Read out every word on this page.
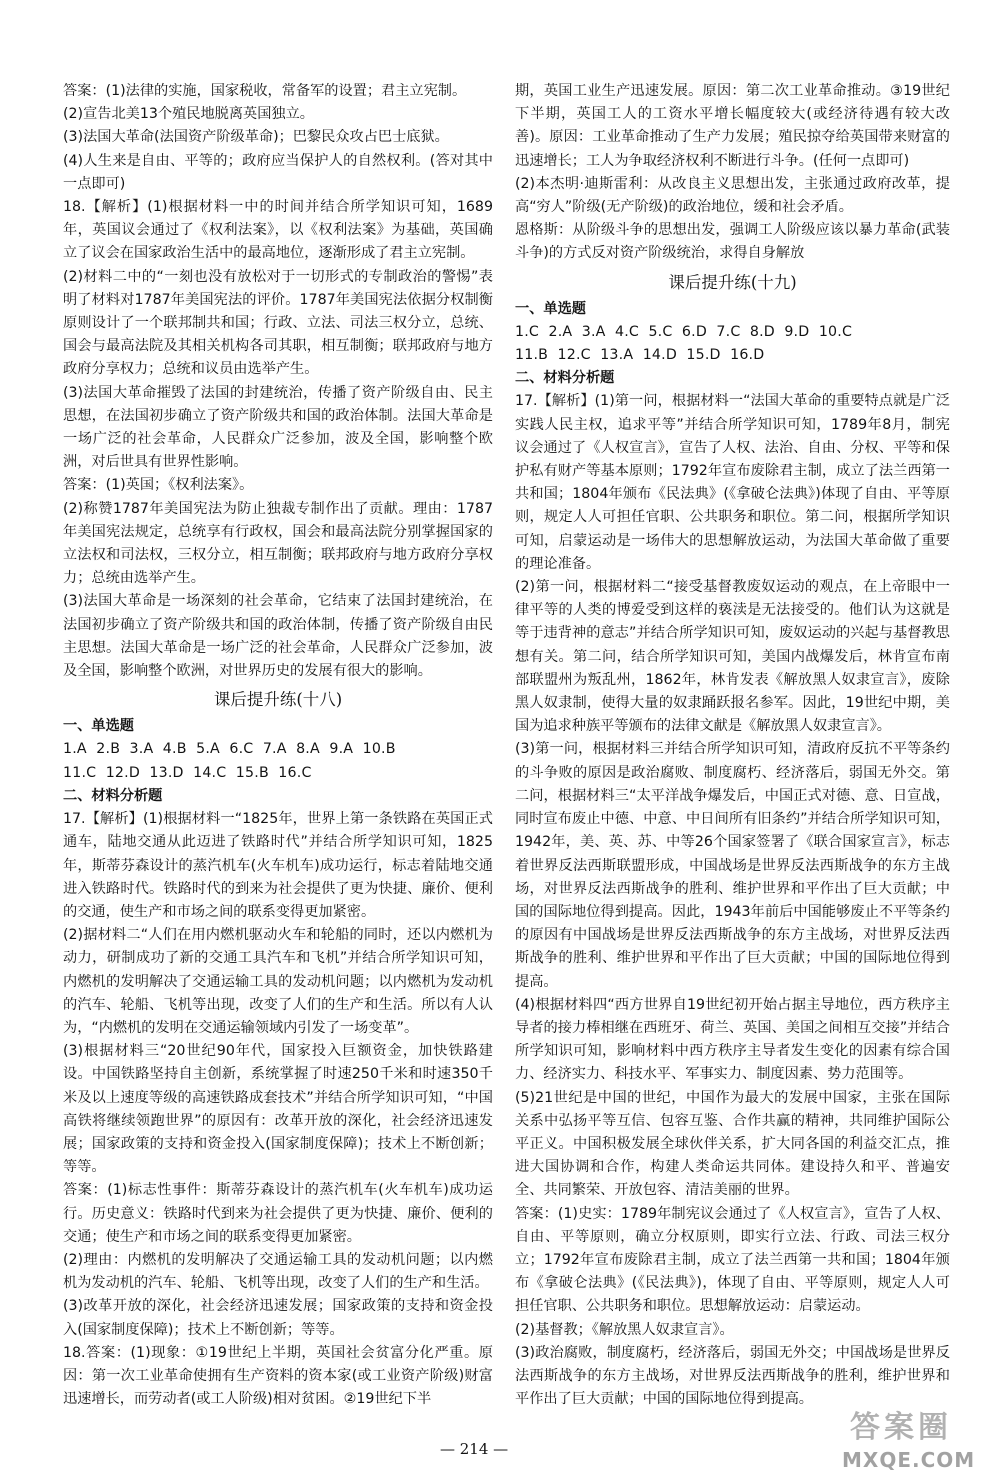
答案：(1)法律的实施，国家税收，常备军的设置；君主立宪制。

(2)宣告北美13个殖民地脱离英国独立。

(3)法国大革命(法国资产阶级革命)；巴黎民众攻占巴士底狱。

(4)人生来是自由、平等的；政府应当保护人的自然权利。(答对其中一点即可)

18.【解析】(1)根据材料一中的时间并结合所学知识可知，1689年，英国议会通过了《权利法案》，以《权利法案》为基础，英国确立了议会在国家政治生活中的最高地位，逐渐形成了君主立宪制。

(2)材料二中的“一刻也没有放松对于一切形式的专制政治的警惕”表明了材料对1787年美国宪法的评价。1787年美国宪法依据分权制衡原则设计了一个联邦制共和国；行政、立法、司法三权分立，总统、国会与最高法院及其相关机构各司其职，相互制衡；联邦政府与地方政府分享权力；总统和议员由选举产生。

(3)法国大革命摧毁了法国的封建统治，传播了资产阶级自由、民主思想，在法国初步确立了资产阶级共和国的政治体制。法国大革命是一场广泛的社会革命，人民群众广泛参加，波及全国，影响整个欧洲，对后世具有世界性影响。

答案：(1)英国；《权利法案》。

(2)称赞1787年美国宪法为防止独裁专制作出了贡献。理由：1787年美国宪法规定，总统享有行政权，国会和最高法院分别掌握国家的立法权和司法权，三权分立，相互制衡；联邦政府与地方政府分享权力；总统由选举产生。

(3)法国大革命是一场深刻的社会革命，它结束了法国封建统治，在法国初步确立了资产阶级共和国的政治体制，传播了资产阶级自由民主思想。法国大革命是一场广泛的社会革命，人民群众广泛参加，波及全国，影响整个欧洲，对世界历史的发展有很大的影响。

课后提升练(十八)

一、单选题

1.A  2.B  3.A  4.B  5.A  6.C  7.A  8.A  9.A  10.B

11.C  12.D  13.D  14.C  15.B  16.C

二、材料分析题

17.【解析】(1)根据材料一“1825年，世界上第一条铁路在英国正式通车，陆地交通从此迈进了铁路时代”并结合所学知识可知，1825年，斯蒂芬森设计的蒸汽机车(火车机车)成功运行，标志着陆地交通进入铁路时代。铁路时代的到来为社会提供了更为快捷、廉价、便利的交通，使生产和市场之间的联系变得更加紧密。

(2)据材料二“人们在用内燃机驱动火车和轮船的同时，还以内燃机为动力，研制成功了新的交通工具汽车和飞机”并结合所学知识可知，内燃机的发明解决了交通运输工具的发动机问题；以内燃机为发动机的汽车、轮船、飞机等出现，改变了人们的生产和生活。所以有人认为，“内燃机的发明在交通运输领域内引发了一场变革”。

(3)根据材料三“20世纪90年代，国家投入巨额资金，加快铁路建设。中国铁路坚持自主创新，系统掌握了时速250千米和时速350千米及以上速度等级的高速铁路成套技术”并结合所学知识可知，“中国高铁将继续领跑世界”的原因有：改革开放的深化，社会经济迅速发展；国家政策的支持和资金投入(国家制度保障)；技术上不断创新；等等。

答案：(1)标志性事件：斯蒂芬森设计的蒸汽机车(火车机车)成功运行。历史意义：铁路时代到来为社会提供了更为快捷、廉价、便利的交通；使生产和市场之间的联系变得更加紧密。

(2)理由：内燃机的发明解决了交通运输工具的发动机问题；以内燃机为发动机的汽车、轮船、飞机等出现，改变了人们的生产和生活。

(3)改革开放的深化，社会经济迅速发展；国家政策的支持和资金投入(国家制度保障)；技术上不断创新；等等。

18.答案：(1)现象：①19世纪上半期，英国社会贫富分化严重。原因：第一次工业革命使拥有生产资料的资本家(或工业资产阶级)财富迅速增长，而劳动者(或工人阶级)相对贫困。②19世纪下半

期，英国工业生产迅速发展。原因：第二次工业革命推动。③19世纪下半期，英国工人的工资水平增长幅度较大(或经济待遇有较大改善)。原因：工业革命推动了生产力发展；殖民掠夺给英国带来财富的迅速增长；工人为争取经济权利不断进行斗争。(任何一点即可)

(2)本杰明·迪斯雷利：从改良主义思想出发，主张通过政府改革，提高“穷人”阶级(无产阶级)的政治地位，缓和社会矛盾。

恩格斯：从阶级斗争的思想出发，强调工人阶级应该以暴力革命(武装斗争)的方式反对资产阶级统治，求得自身解放

课后提升练(十九)

一、单选题

1.C  2.A  3.A  4.C  5.C  6.D  7.C  8.D  9.D  10.C

11.B  12.C  13.A  14.D  15.D  16.D

二、材料分析题

17.【解析】(1)第一问，根据材料一“法国大革命的重要特点就是广泛实践人民主权，追求平等”并结合所学知识可知，1789年8月，制宪议会通过了《人权宣言》，宣告了人权、法治、自由、分权、平等和保护私有财产等基本原则；1792年宣布废除君主制，成立了法兰西第一共和国；1804年颁布《民法典》(《拿破仑法典》)体现了自由、平等原则，规定人人可担任官职、公共职务和职位。第二问，根据所学知识可知，启蒙运动是一场伟大的思想解放运动，为法国大革命做了重要的理论准备。

(2)第一问，根据材料二“接受基督教废奴运动的观点，在上帝眼中一律平等的人类的博爱受到这样的亵渎是无法接受的。他们认为这就是等于违背神的意志”并结合所学知识可知，废奴运动的兴起与基督教思想有关。第二问，结合所学知识可知，美国内战爆发后，林肯宣布南部联盟州为叛乱州，1862年，林肯发表《解放黑人奴隶宣言》，废除黑人奴隶制，使得大量的奴隶踊跃报名参军。因此，19世纪中期，美国为追求种族平等颁布的法律文献是《解放黑人奴隶宣言》。

(3)第一问，根据材料三并结合所学知识可知，清政府反抗不平等条约的斗争败的原因是政治腐败、制度腐朽、经济落后，弱国无外交。第二问，根据材料三“太平洋战争爆发后，中国正式对德、意、日宣战，同时宣布废止中德、中意、中日间所有旧条约”并结合所学知识可知，1942年，美、英、苏、中等26个国家签署了《联合国家宣言》，标志着世界反法西斯联盟形成，中国战场是世界反法西斯战争的东方主战场，对世界反法西斯战争的胜利、维护世界和平作出了巨大贡献；中国的国际地位得到提高。因此，1943年前后中国能够废止不平等条约的原因有中国战场是世界反法西斯战争的东方主战场，对世界反法西斯战争的胜利、维护世界和平作出了巨大贡献；中国的国际地位得到提高。

(4)根据材料四“西方世界自19世纪初开始占据主导地位，西方秩序主导者的接力棒相继在西班牙、荷兰、英国、美国之间相互交接”并结合所学知识可知，影响材料中西方秩序主导者发生变化的因素有综合国力、经济实力、科技水平、军事实力、制度因素、势力范围等。

(5)21世纪是中国的世纪，中国作为最大的发展中国家，主张在国际关系中弘扬平等互信、包容互鉴、合作共赢的精神，共同维护国际公平正义。中国积极发展全球伙伴关系，扩大同各国的利益交汇点，推进大国协调和合作，构建人类命运共同体。建设持久和平、普遍安全、共同繁荣、开放包容、清洁美丽的世界。

答案：(1)史实：1789年制宪议会通过了《人权宣言》，宣告了人权、自由、平等原则，确立分权原则，即实行立法、行政、司法三权分立；1792年宣布废除君主制，成立了法兰西第一共和国；1804年颁布《拿破仑法典》(《民法典》)，体现了自由、平等原则，规定人人可担任官职、公共职务和职位。思想解放运动：启蒙运动。

(2)基督教；《解放黑人奴隶宣言》。

(3)政治腐败，制度腐朽，经济落后，弱国无外交；中国战场是世界反法西斯战争的东方主战场，对世界反法西斯战争的胜利，维护世界和平作出了巨大贡献；中国的国际地位得到提高。

— 214 —
答案圈
MXQE.COM
